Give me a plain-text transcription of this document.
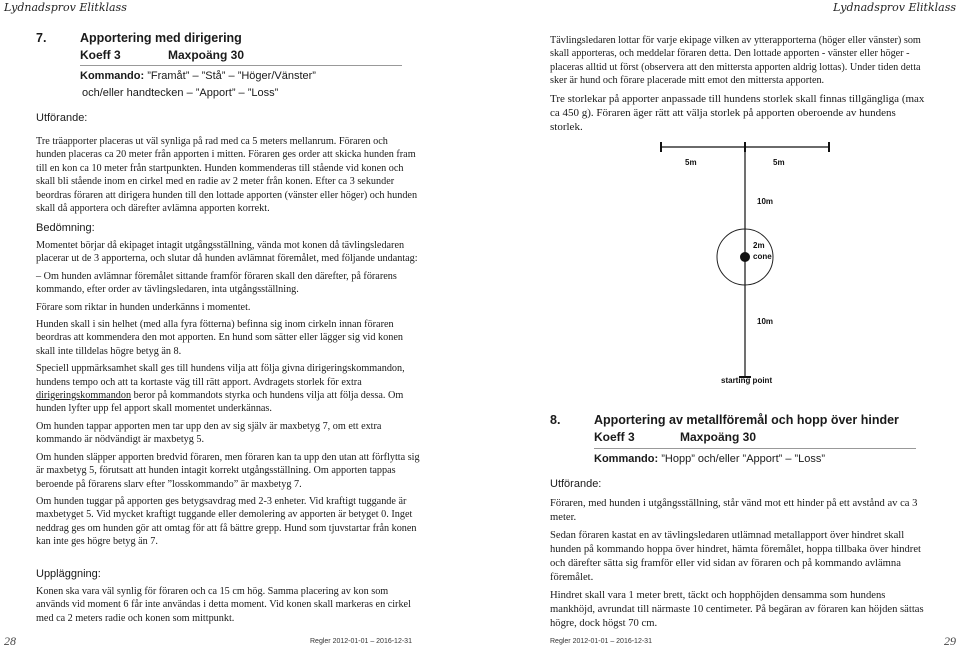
Lydnadsprov Elitklass	Lydnadsprov Elitklass
7.	Apportering med dirigering
Koeff 3	Maxpoäng 30
Kommando: ”Framåt” – ”Stå” – ”Höger/Vänster”
och/eller handtecken – ”Apport” – ”Loss”
Utförande:

Tre träapporter placeras ut väl synliga på rad med ca 5 meters mellanrum. Föraren och hunden placeras ca 20 meter från apporten i mitten. Föraren ges order att skicka hunden fram till en kon ca 10 meter från startpunkten. Hunden kommenderas till stående vid konen och skall bli stående inom en cirkel med en radie av 2 meter från konen. Efter ca 3 sekunder beordras föraren att dirigera hunden till den lottade apporten (vänster eller höger) och hunden skall då apportera och därefter avlämna apporten korrekt.

Bedömning:

Momentet börjar då ekipaget intagit utgångsställning, vända mot konen då tävlingsledaren placerar ut de 3 apporterna, och slutar då hunden avlämnat föremålet, med följande undantag:

– Om hunden avlämnar föremålet sittande framför föraren skall den därefter, på förarens kommando, efter order av tävlingsledaren, inta utgångsställning.

Förare som riktar in hunden underkänns i momentet.

Hunden skall i sin helhet (med alla fyra fötterna) befinna sig inom cirkeln innan föraren beordras att kommendera den mot apporten. En hund som sätter eller lägger sig vid konen skall inte tilldelas högre betyg än 8.

Speciell uppmärksamhet skall ges till hundens vilja att följa givna dirigeringskommandon, hundens tempo och att ta kortaste väg till rätt apport. Avdragets storlek för extra dirigeringskommandon beror på kommandots styrka och hundens vilja att följa dessa. Om hunden lyfter upp fel apport skall momentet underkännas.

Om hunden tappar apporten men tar upp den av sig själv är maxbetyg 7, om ett extra kommando är nödvändigt är maxbetyg 5.

Om hunden släpper apporten bredvid föraren, men föraren kan ta upp den utan att förflytta sig är maxbetyg 5, förutsatt att hunden intagit korrekt utgångsställning. Om apporten tappas beroende på förarens slarv efter ”losskommando” är maxbetyg 7.

Om hunden tuggar på apporten ges betygsavdrag med 2-3 enheter. Vid kraftigt tuggande är maxbetyget 5. Vid mycket kraftigt tuggande eller demolering av apporten är betyget 0. Inget neddrag ges om hunden gör att omtag för att få bättre grepp. Hund som tjuvstartar från konen kan inte ges högre betyg än 7.

Uppläggning:

Konen ska vara väl synlig för föraren och ca 15 cm hög. Samma placering av kon som används vid moment 6 får inte användas i detta moment. Vid konen skall markeras en cirkel med ca 2 meters radie och konen som mittpunkt.

28	Regler 2012-01-01 – 2016-12-31

Tävlingsledaren lottar för varje ekipage vilken av ytterapporterna (höger eller vänster) som skall apporteras, och meddelar föraren detta. Den lottade apporten - vänster eller höger - placeras alltid ut först (observera att den mittersta apporten aldrig lottas). Under tiden detta sker är hund och förare placerade mitt emot den mittersta apporten.

Tre storlekar på apporter anpassade till hundens storlek skall finnas tillgängliga (max ca 450 g). Föraren äger rätt att välja storlek på apporten oberoende av hundens storlek.

5m	5m
10m
2m
cone
10m
starting point
8.	Apportering av metallföremål och hopp över hinder
Koeff 3	Maxpoäng 30
Kommando: ”Hopp” och/eller ”Apport” – ”Loss”
Utförande:

Föraren, med hunden i utgångsställning, står vänd mot ett hinder på ett avstånd av ca 3 meter.

Sedan föraren kastat en av tävlingsledaren utlämnad metallapport över hindret skall hunden på kommando hoppa över hindret, hämta föremålet, hoppa tillbaka över hindret och därefter sätta sig framför eller vid sidan av föraren och på kommando avlämna föremålet.

Hindret skall vara 1 meter brett, täckt och hopphöjden densamma som hundens mankhöjd, avrundat till närmaste 10 centimeter. På begäran av föraren kan höjden sättas högre, dock högst 70 cm.

29
Regler 2012-01-01 – 2016-12-31
